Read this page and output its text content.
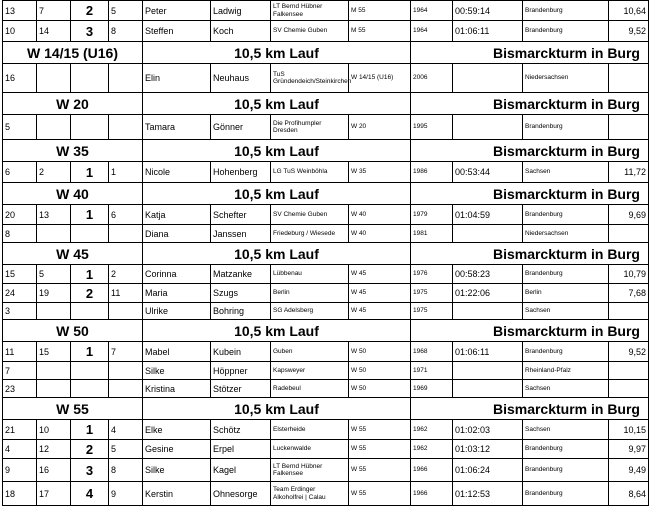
13	7	2	5	Peter	Ladwig	LT Bernd Hübner Falkensee	M 55	1964	00:59:14	Brandenburg	10,64
10	14	3	8	Steffen	Koch	SV Chemie Guben	M 55	1964	01:06:11	Brandenburg	9,52
W 14/15 (U16)				10,5 km Lauf				Bismarckturm in Burg			
16				Elin	Neuhaus	TuS Gründendeich/Steinkirchen	W 14/15 (U16)	2006		Niedersachsen	
W 20				10,5 km Lauf				Bismarckturm in Burg			
5				Tamara	Gönner	Die Profihumpler Dresden	W 20	1995		Brandenburg	
W 35				10,5 km Lauf				Bismarckturm in Burg			
6	2	1	1	Nicole	Hohenberg	LG TuS Weinböhla	W 35	1986	00:53:44	Sachsen	11,72
W 40				10,5 km Lauf				Bismarckturm in Burg			
20	13	1	6	Katja	Schefter	SV Chemie Guben	W 40	1979	01:04:59	Brandenburg	9,69
8				Diana	Janssen	Friedeburg / Wiesede	W 40	1981		Niedersachsen	
W 45				10,5 km Lauf				Bismarckturm in Burg			
15	5	1	2	Corinna	Matzanke	Lübbenau	W 45	1976	00:58:23	Brandenburg	10,79
24	19	2	11	Maria	Szugs	Berlin	W 45	1975	01:22:06	Berlin	7,68
3				Ulrike	Bohring	SG Adelsberg	W 45	1975		Sachsen	
W 50				10,5 km Lauf				Bismarckturm in Burg			
11	15	1	7	Mabel	Kubein	Guben	W 50	1968	01:06:11	Brandenburg	9,52
7				Silke	Höppner	Kapsweyer	W 50	1971		Rheinland-Pfalz	
23				Kristina	Stötzer	Radebeul	W 50	1969		Sachsen	
W 55				10,5 km Lauf				Bismarckturm in Burg			
21	10	1	4	Elke	Schötz	Elsterheide	W 55	1962	01:02:03	Sachsen	10,15
4	12	2	5	Gesine	Erpel	Luckenwalde	W 55	1962	01:03:12	Brandenburg	9,97
9	16	3	8	Silke	Kagel	LT Bernd Hübner Falkensee	W 55	1966	01:06:24	Brandenburg	9,49
18	17	4	9	Kerstin	Ohnesorge	Team Erdinger Alkoholfrei | Calau	W 55	1966	01:12:53	Brandenburg	8,64
